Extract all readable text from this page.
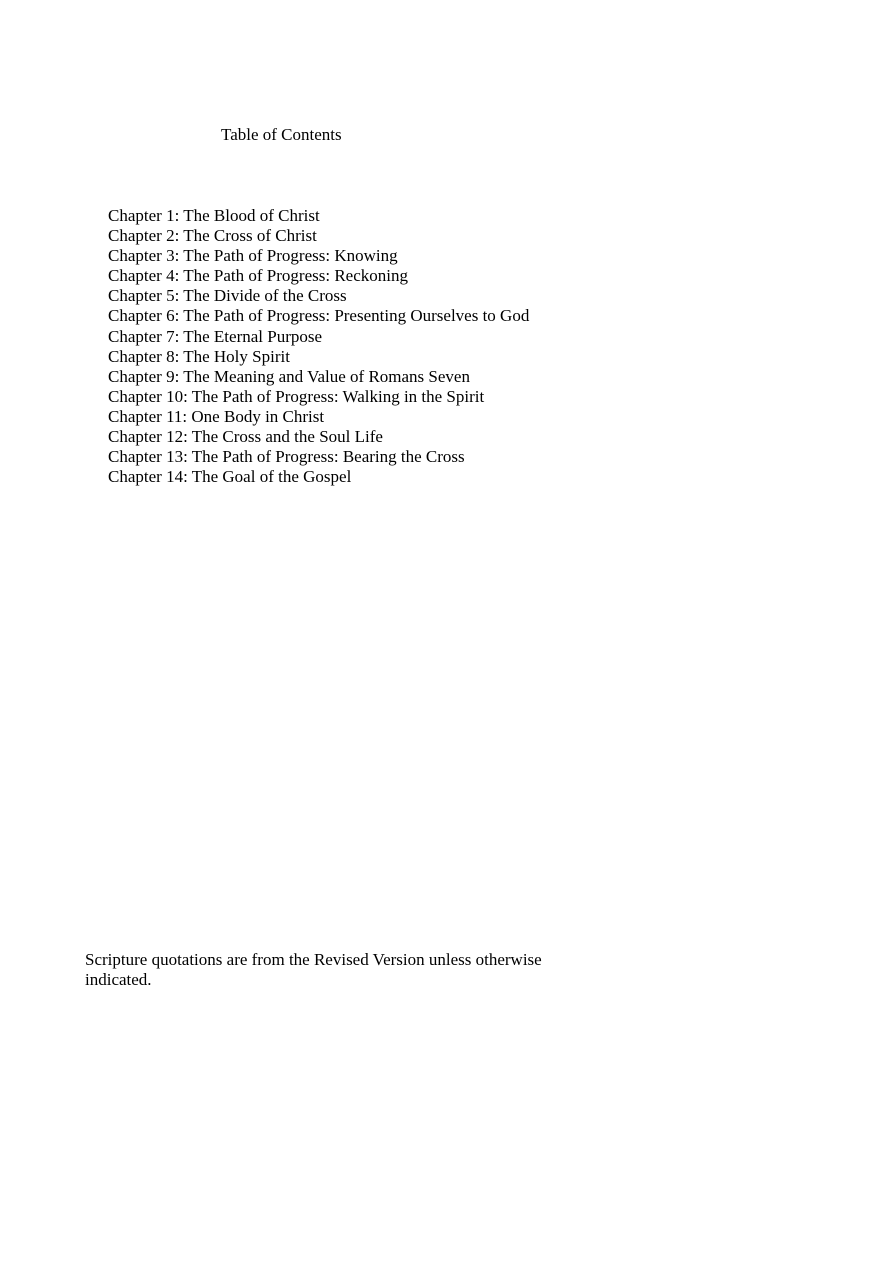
Table of Contents
Chapter 1: The Blood of Christ
Chapter 2: The Cross of Christ
Chapter 3: The Path of Progress: Knowing
Chapter 4: The Path of Progress: Reckoning
Chapter 5: The Divide of the Cross
Chapter 6: The Path of Progress: Presenting Ourselves to God
Chapter 7: The Eternal Purpose
Chapter 8: The Holy Spirit
Chapter 9: The Meaning and Value of Romans Seven
Chapter 10: The Path of Progress: Walking in the Spirit
Chapter 11: One Body in Christ
Chapter 12: The Cross and the Soul Life
Chapter 13: The Path of Progress: Bearing the Cross
Chapter 14: The Goal of the Gospel

Scripture quotations are from the Revised Version unless otherwise indicated.
